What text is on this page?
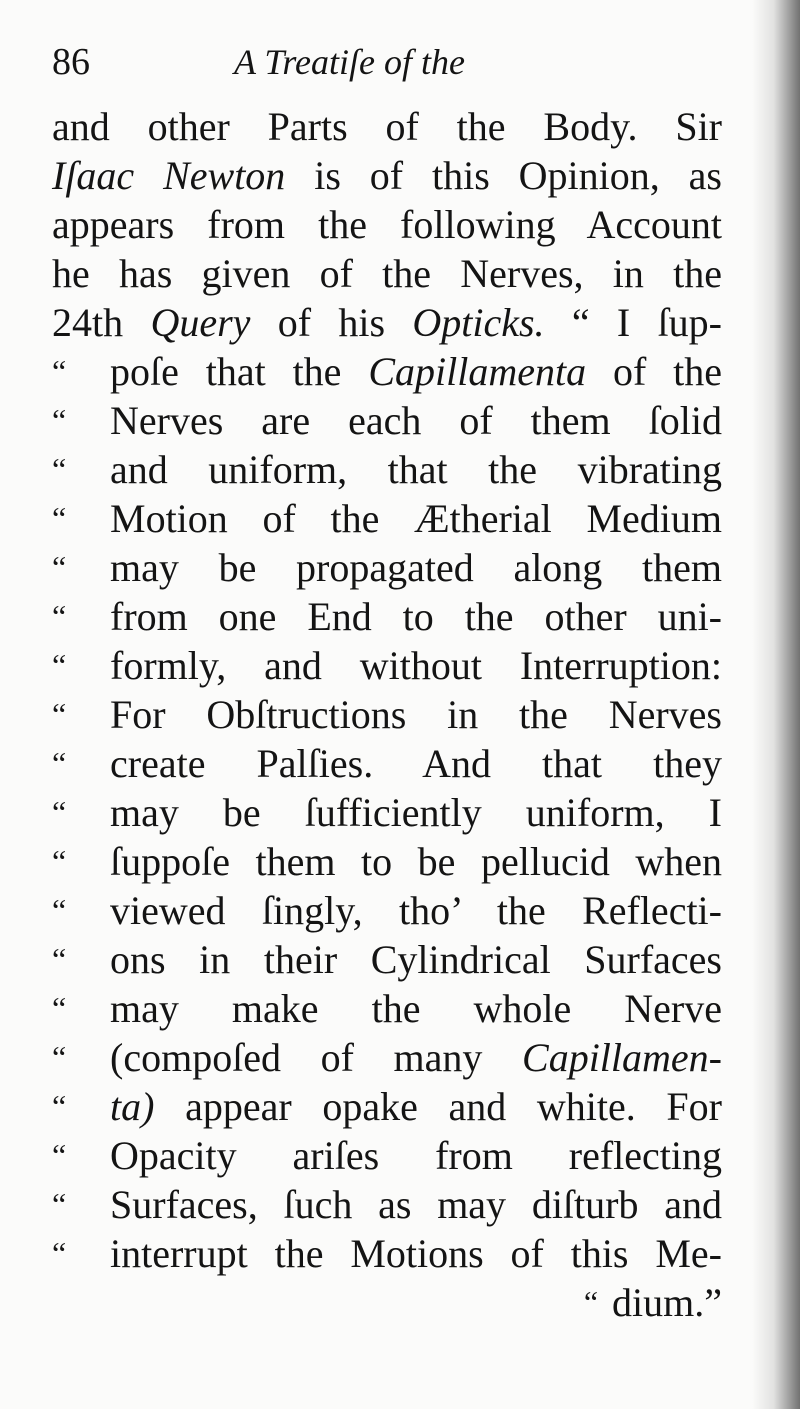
86	A Treatiſe of the
and other Parts of the Body. Sir
Iſaac Newton is of this Opinion, as
appears from the following Account
he has given of the Nerves, in the
24th Query of his Opticks. “ I ſup-
“ poſe that the Capillamenta of the
“ Nerves are each of them ſolid
“ and uniform, that the vibrating
“ Motion of the Ætherial Medium
“ may be propagated along them
“ from one End to the other uni-
“ formly, and without Interruption:
“ For Obſtructions in the Nerves
“ create Palſies. And that they
“ may be ſufficiently uniform, I
“ ſuppoſe them to be pellucid when
“ viewed ſingly, tho’ the Reflecti-
“ ons in their Cylindrical Surfaces
“ may make the whole Nerve
“ (compoſed of many Capillamen-
“ ta) appear opake and white. For
“ Opacity ariſes from reflecting
“ Surfaces, ſuch as may diſturb and
“ interrupt the Motions of this Me-
“ dium.”
